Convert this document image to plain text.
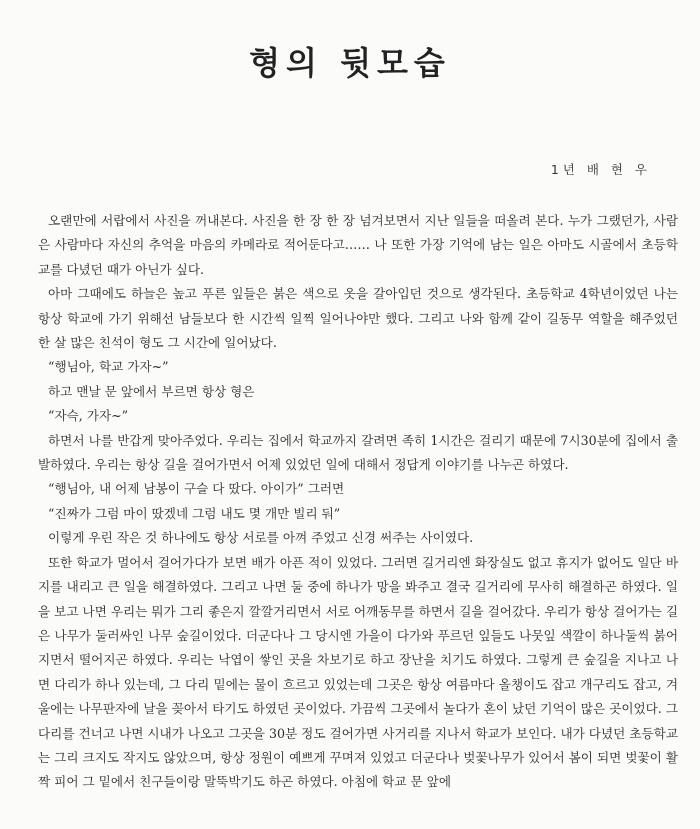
형의 뒷모습
1년 배 현 우

오랜만에 서랍에서 사진을 꺼내본다. 사진을 한 장 한 장 넘겨보면서 지난 일들을 떠올려 본다. 누가 그랬던가, 사람은 사람마다 자신의 추억을 마음의 카메라로 적어둔다고…… 나 또한 가장 기억에 남는 일은 아마도 시골에서 초등학교를 다녔던 때가 아닌가 싶다.

아마 그때에도 하늘은 높고 푸른 잎들은 붉은 색으로 옷을 갈아입던 것으로 생각된다. 초등학교 4학년이었던 나는 항상 학교에 가기 위해선 남들보다 한 시간씩 일찍 일어나야만 했다. 그리고 나와 함께 같이 길동무 역할을 해주었던 한 살 많은 친석이 형도 그 시간에 일어났다.

“행님아, 학교 가자~”

하고 맨날 문 앞에서 부르면 항상 형은

“자슥, 가자~”

하면서 나를 반갑게 맞아주었다. 우리는 집에서 학교까지 갈려면 족히 1시간은 걸리기 때문에 7시30분에 집에서 출발하였다. 우리는 항상 길을 걸어가면서 어제 있었던 일에 대해서 정답게 이야기를 나누곤 하였다.

“행님아, 내 어제 남봉이 구슬 다 땄다. 아이가” 그러면

“진짜가 그럼 마이 땄겠네 그럼 내도 몇 개만 빌리 둬”

이렇게 우린 작은 것 하나에도 항상 서로를 아껴 주었고 신경 써주는 사이였다.

또한 학교가 멀어서 걸어가다가 보면 배가 아픈 적이 있었다. 그러면 길거리엔 화장실도 없고 휴지가 없어도 일단 바지를 내리고 큰 일을 해결하였다. 그리고 나면 둘 중에 하나가 망을 봐주고 결국 길거리에 무사히 해결하곤 하였다. 일을 보고 나면 우리는 뭐가 그리 좋은지 깔깔거리면서 서로 어깨동무를 하면서 길을 걸어갔다. 우리가 항상 걸어가는 길은 나무가 둘러싸인 나무 숲길이었다. 더군다나 그 당시엔 가을이 다가와 푸르던 잎들도 나뭇잎 색깔이 하나둘씩 붉어지면서 떨어지곤 하였다. 우리는 낙엽이 쌓인 곳을 차보기로 하고 장난을 치기도 하였다. 그렇게 큰 숲길을 지나고 나면 다리가 하나 있는데, 그 다리 밑에는 물이 흐르고 있었는데 그곳은 항상 여름마다 올챙이도 잡고 개구리도 잡고, 겨울에는 나무판자에 날을 꽂아서 타기도 하였던 곳이었다. 가끔씩 그곳에서 놀다가 혼이 났던 기억이 많은 곳이었다. 그 다리를 건너고 나면 시내가 나오고 그곳을 30분 정도 걸어가면 사거리를 지나서 학교가 보인다. 내가 다녔던 초등학교는 그리 크지도 작지도 않았으며, 항상 정원이 예쁘게 꾸며져 있었고 더군다나 벚꽃나무가 있어서 봄이 되면 벚꽃이 활짝 피어 그 밑에서 친구들이랑 말뚝박기도 하곤 하였다. 아침에 학교 문 앞에
